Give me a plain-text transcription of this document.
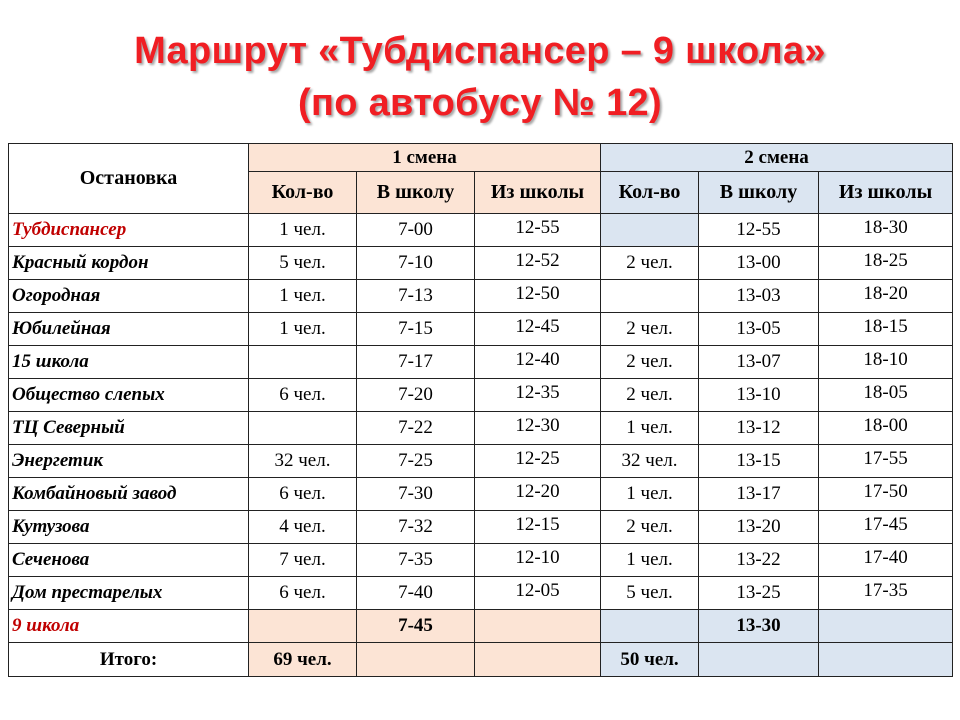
Маршрут «Тубдиспансер – 9 школа»
(по автобусу № 12)
Остановка	1 смена			2 смена		
	Кол-во	В школу	Из школы	Кол-во	В школу	Из школы
Тубдиспансер	1 чел.	7-00	12-55		12-55	18-30
Красный кордон	5 чел.	7-10	12-52	2 чел.	13-00	18-25
Огородная	1 чел.	7-13	12-50		13-03	18-20
Юбилейная	1 чел.	7-15	12-45	2 чел.	13-05	18-15
15 школа		7-17	12-40	2 чел.	13-07	18-10
Общество слепых	6 чел.	7-20	12-35	2 чел.	13-10	18-05
ТЦ Северный		7-22	12-30	1 чел.	13-12	18-00
Энергетик	32 чел.	7-25	12-25	32 чел.	13-15	17-55
Комбайновый завод	6 чел.	7-30	12-20	1 чел.	13-17	17-50
Кутузова	4 чел.	7-32	12-15	2 чел.	13-20	17-45
Сеченова	7 чел.	7-35	12-10	1 чел.	13-22	17-40
Дом престарелых	6 чел.	7-40	12-05	5 чел.	13-25	17-35
9 школа		7-45			13-30	
Итого:	69 чел.			50 чел.		
